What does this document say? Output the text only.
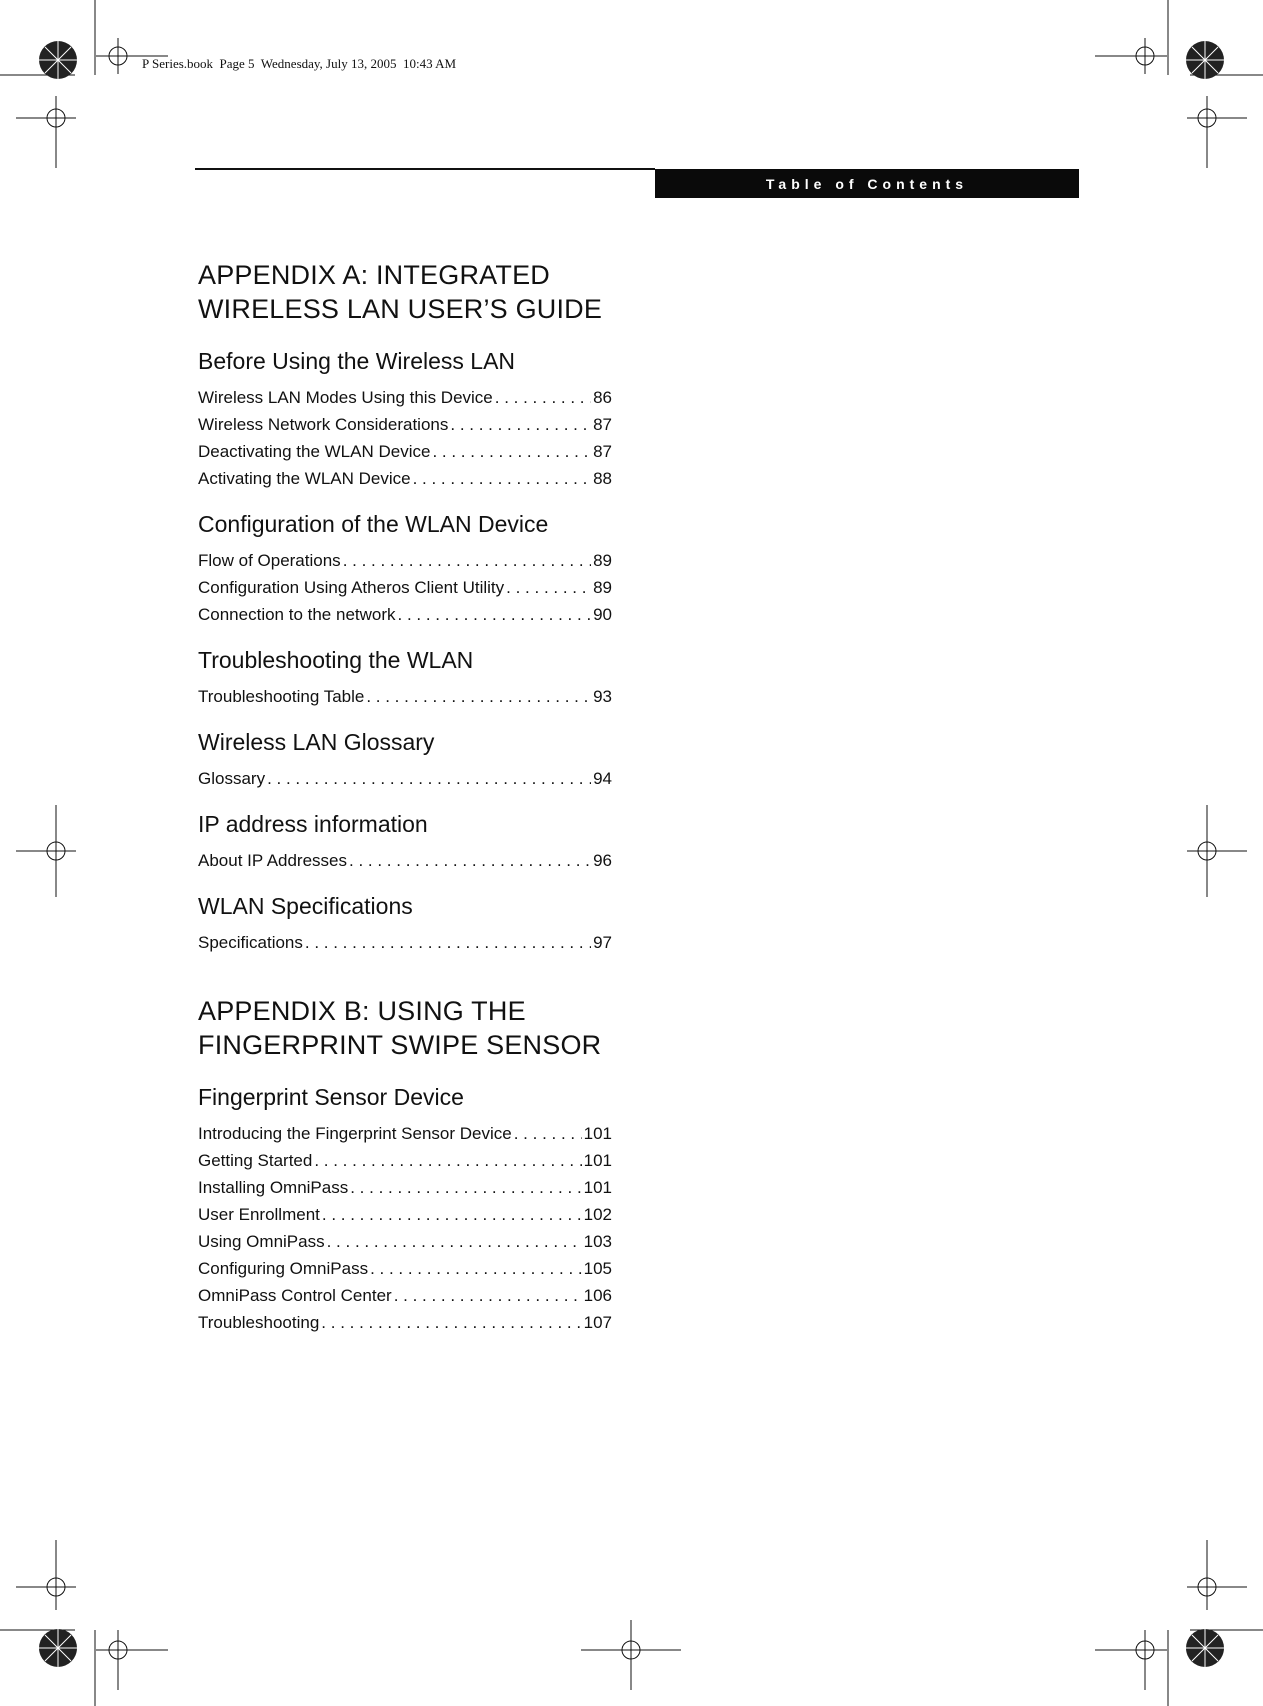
P Series.book  Page 5  Wednesday, July 13, 2005  10:43 AM
Table of Contents
APPENDIX A: INTEGRATED
WIRELESS LAN USER’S GUIDE
Before Using the Wireless LAN
Wireless LAN Modes Using this Device . . .	86
Wireless Network Considerations . . .	87
Deactivating the WLAN Device . . .	87
Activating the WLAN Device . . .	88
Configuration of the WLAN Device
Flow of Operations . . .	89
Configuration Using Atheros Client Utility . . .	89
Connection to the network . . .	90
Troubleshooting the WLAN
Troubleshooting Table . . .	93
Wireless LAN Glossary
Glossary . . .	94
IP address information
About IP Addresses . . .	96
WLAN Specifications
Specifications . . .	97
APPENDIX B: USING THE
FINGERPRINT SWIPE SENSOR
Fingerprint Sensor Device
Introducing the Fingerprint Sensor Device . . .	101
Getting Started . . .	101
Installing OmniPass . . .	101
User Enrollment . . .	102
Using OmniPass . . .	103
Configuring OmniPass . . .	105
OmniPass Control Center . . .	106
Troubleshooting . . .	107
